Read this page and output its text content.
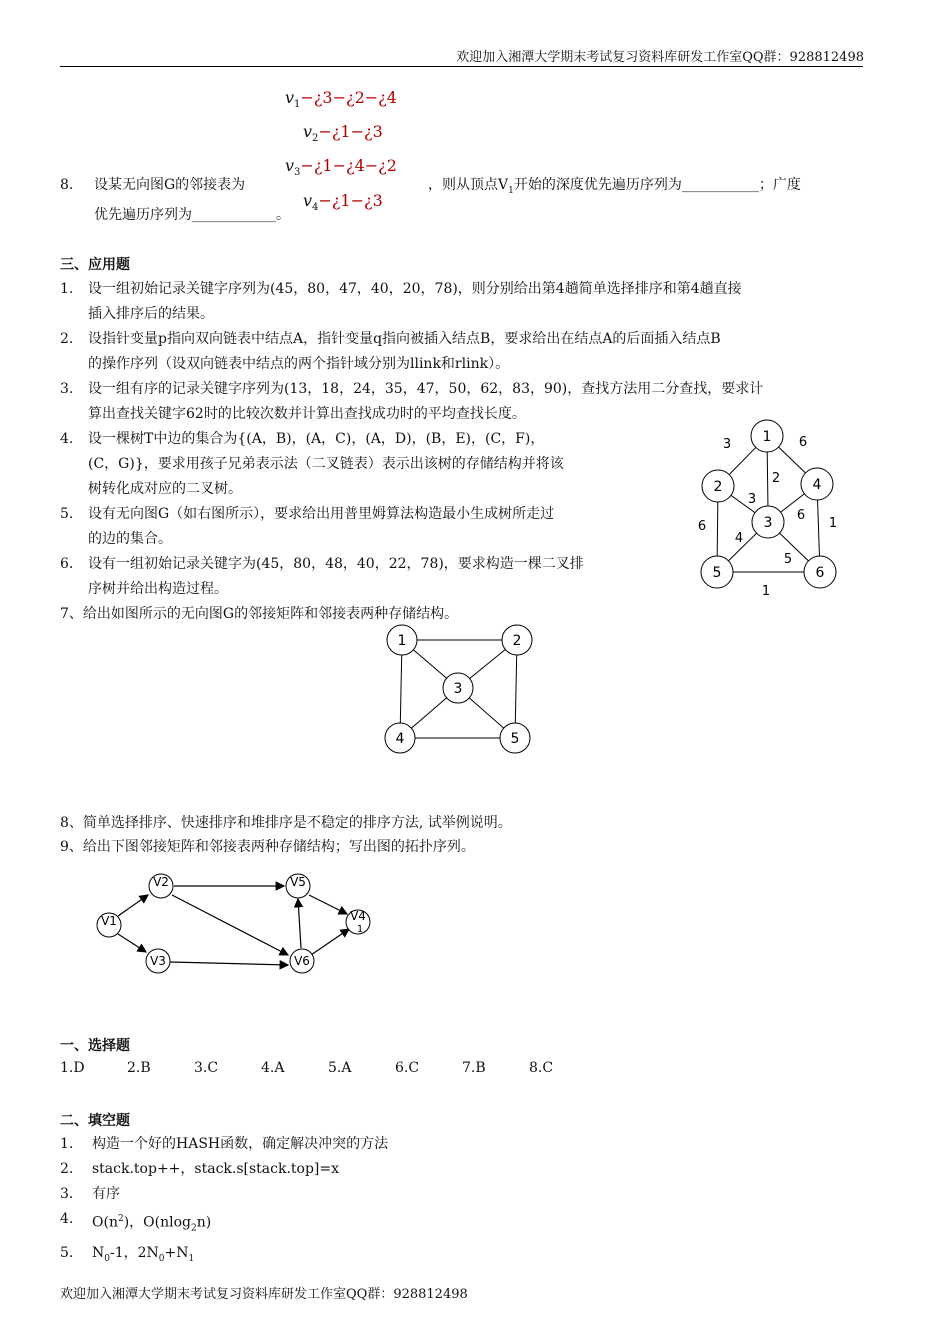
欢迎加入湘潭大学期末考试复习资料库研发工作室QQ群：928812498
$v_1-¿3-¿2-¿4$
$v_2-¿1-¿3$
$v_3-¿1-¿4-¿2$
$v_4-¿1-¿3$
8. 设某无向图G的邻接表为	，则从顶点$V_1$开始的深度优先遍历序列为___________；广度
优先遍历序列为____________。
三、应用题
1.	设一组初始记录关键字序列为(45，80，47，40，20，78)，则分别给出第4趟简单选择排序和第4趟直接
插入排序后的结果。
2.	设指针变量p指向双向链表中结点A，指针变量q指向被插入结点B，要求给出在结点A的后面插入结点B
的操作序列（设双向链表中结点的两个指针域分别为llink和rlink）。
3.	设一组有序的记录关键字序列为(13，18，24，35，47，50，62，83，90)，查找方法用二分查找，要求计
算出查找关键字62时的比较次数并计算出查找成功时的平均查找长度。
4.	设一棵树T中边的集合为{(A，B)，(A，C)，(A，D)，(B，E)，(C，F)，
(C，G)}，要求用孩子兄弟表示法（二叉链表）表示出该树的存储结构并将该
树转化成对应的二叉树。
5.	设有无向图G（如右图所示），要求给出用普里姆算法构造最小生成树所走过
的边的集合。
6.	设有一组初始记录关键字为(45，80，48，40，22，78)，要求构造一棵二叉排
序树并给出构造过程。
7、给出如图所示的无向图G的邻接矩阵和邻接表两种存储结构。
1
2	4
3
5	6
3	6
2
3
6
1
6
4
5
1
1	2
3
4	5
8、简单选择排序、快速排序和堆排序是不稳定的排序方法, 试举例说明。
9、给出下图邻接矩阵和邻接表两种存储结构；写出图的拓扑序列。
V1
V2
V3
V5
V6
V4
1
一、选择题
1.D	2.B	3.C	4.A	5.A	6.C	7.B	8.C
二、填空题
1.	构造一个好的HASH函数，确定解决冲突的方法
2.	stack.top++，stack.s[stack.top]=x
3.	有序
4.	$O(n^2)$，O(nlog$_2$n)
5.	$N_0-1$，$2N_0+N_1$
欢迎加入湘潭大学期末考试复习资料库研发工作室QQ群：928812498
